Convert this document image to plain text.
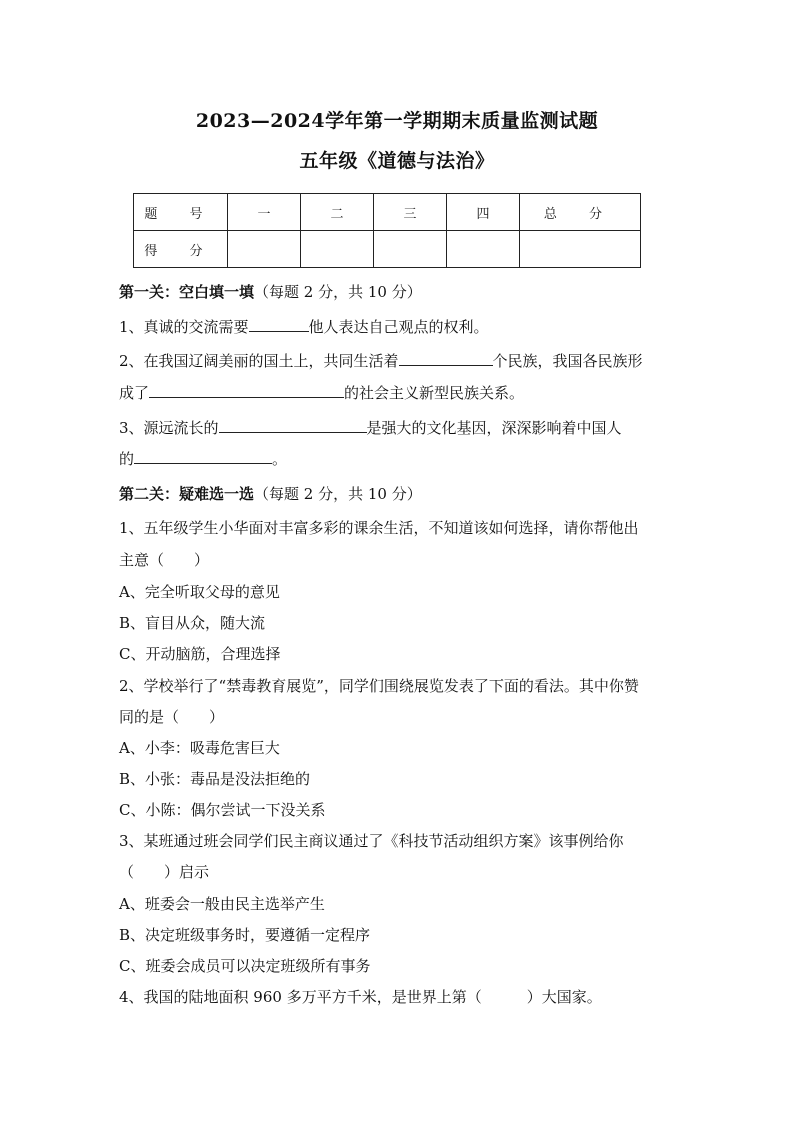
2023—2024学年第一学期期末质量监测试题
五年级《道德与法治》
题 号	一	二	三	四	总 分
得 分					
第一关：空白填一填（每题 2 分，共 10 分）
1、真诚的交流需要	他人表达自己观点的权利。
2、在我国辽阔美丽的国土上，共同生活着	个民族，我国各民族形
成了	的社会主义新型民族关系。
3、源远流长的	是强大的文化基因，深深影响着中国人
的	。
第二关：疑难选一选（每题 2 分，共 10 分）
1、五年级学生小华面对丰富多彩的课余生活，不知道该如何选择，请你帮他出
主意（　　）
A、完全听取父母的意见
B、盲目从众，随大流
C、开动脑筋，合理选择
2、学校举行了“禁毒教育展览”，同学们围绕展览发表了下面的看法。其中你赞
同的是（　　）
A、小李：吸毒危害巨大
B、小张：毒品是没法拒绝的
C、小陈：偶尔尝试一下没关系
3、某班通过班会同学们民主商议通过了《科技节活动组织方案》该事例给你
（　　）启示
A、班委会一般由民主选举产生
B、决定班级事务时，要遵循一定程序
C、班委会成员可以决定班级所有事务
4、我国的陆地面积 960 多万平方千米，是世界上第（　　　）大国家。
